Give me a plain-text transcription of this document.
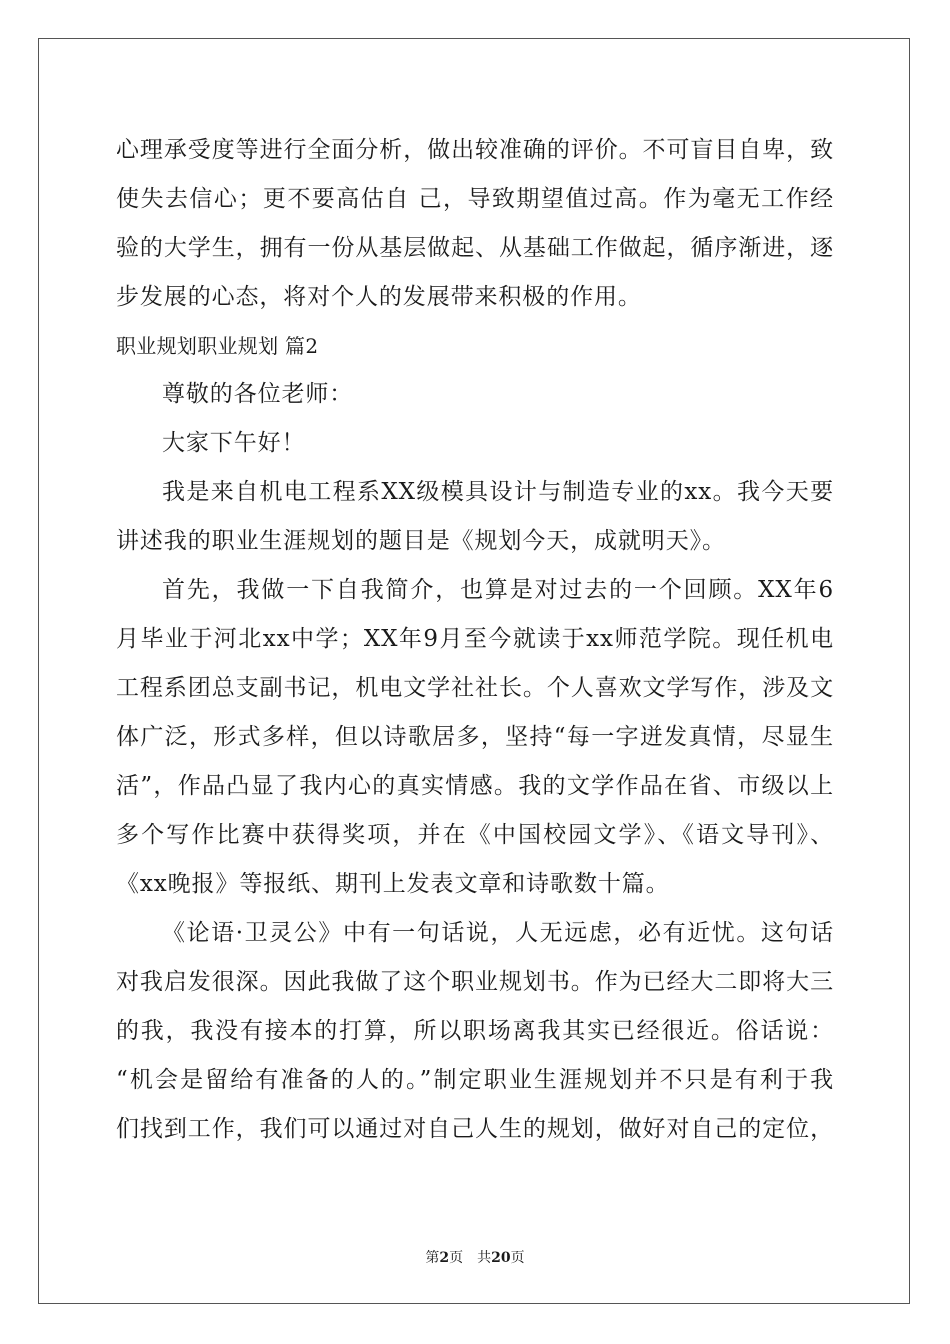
心理承受度等进行全面分析，做出较准确的评价。不可盲目自卑，致
使失去信心；更不要高估自 己，导致期望值过高。作为毫无工作经
验的大学生，拥有一份从基层做起、从基础工作做起，循序渐进，逐
步发展的心态，将对个人的发展带来积极的作用。
职业规划职业规划 篇2
尊敬的各位老师：
大家下午好！
我是来自机电工程系XX级模具设计与制造专业的xx。我今天要
讲述我的职业生涯规划的题目是《规划今天，成就明天》。
首先，我做一下自我简介，也算是对过去的一个回顾。XX年6
月毕业于河北xx中学；XX年9月至今就读于xx师范学院。现任机电
工程系团总支副书记，机电文学社社长。个人喜欢文学写作，涉及文
体广泛，形式多样，但以诗歌居多，坚持“每一字迸发真情，尽显生
活”，作品凸显了我内心的真实情感。我的文学作品在省、市级以上
多个写作比赛中获得奖项，并在《中国校园文学》、《语文导刊》、
《xx晚报》等报纸、期刊上发表文章和诗歌数十篇。
《论语·卫灵公》中有一句话说，人无远虑，必有近忧。这句话
对我启发很深。因此我做了这个职业规划书。作为已经大二即将大三
的我，我没有接本的打算，所以职场离我其实已经很近。俗话说：
“机会是留给有准备的人的。”制定职业生涯规划并不只是有利于我
们找到工作，我们可以通过对自己人生的规划，做好对自己的定位，
第2页 共20页
